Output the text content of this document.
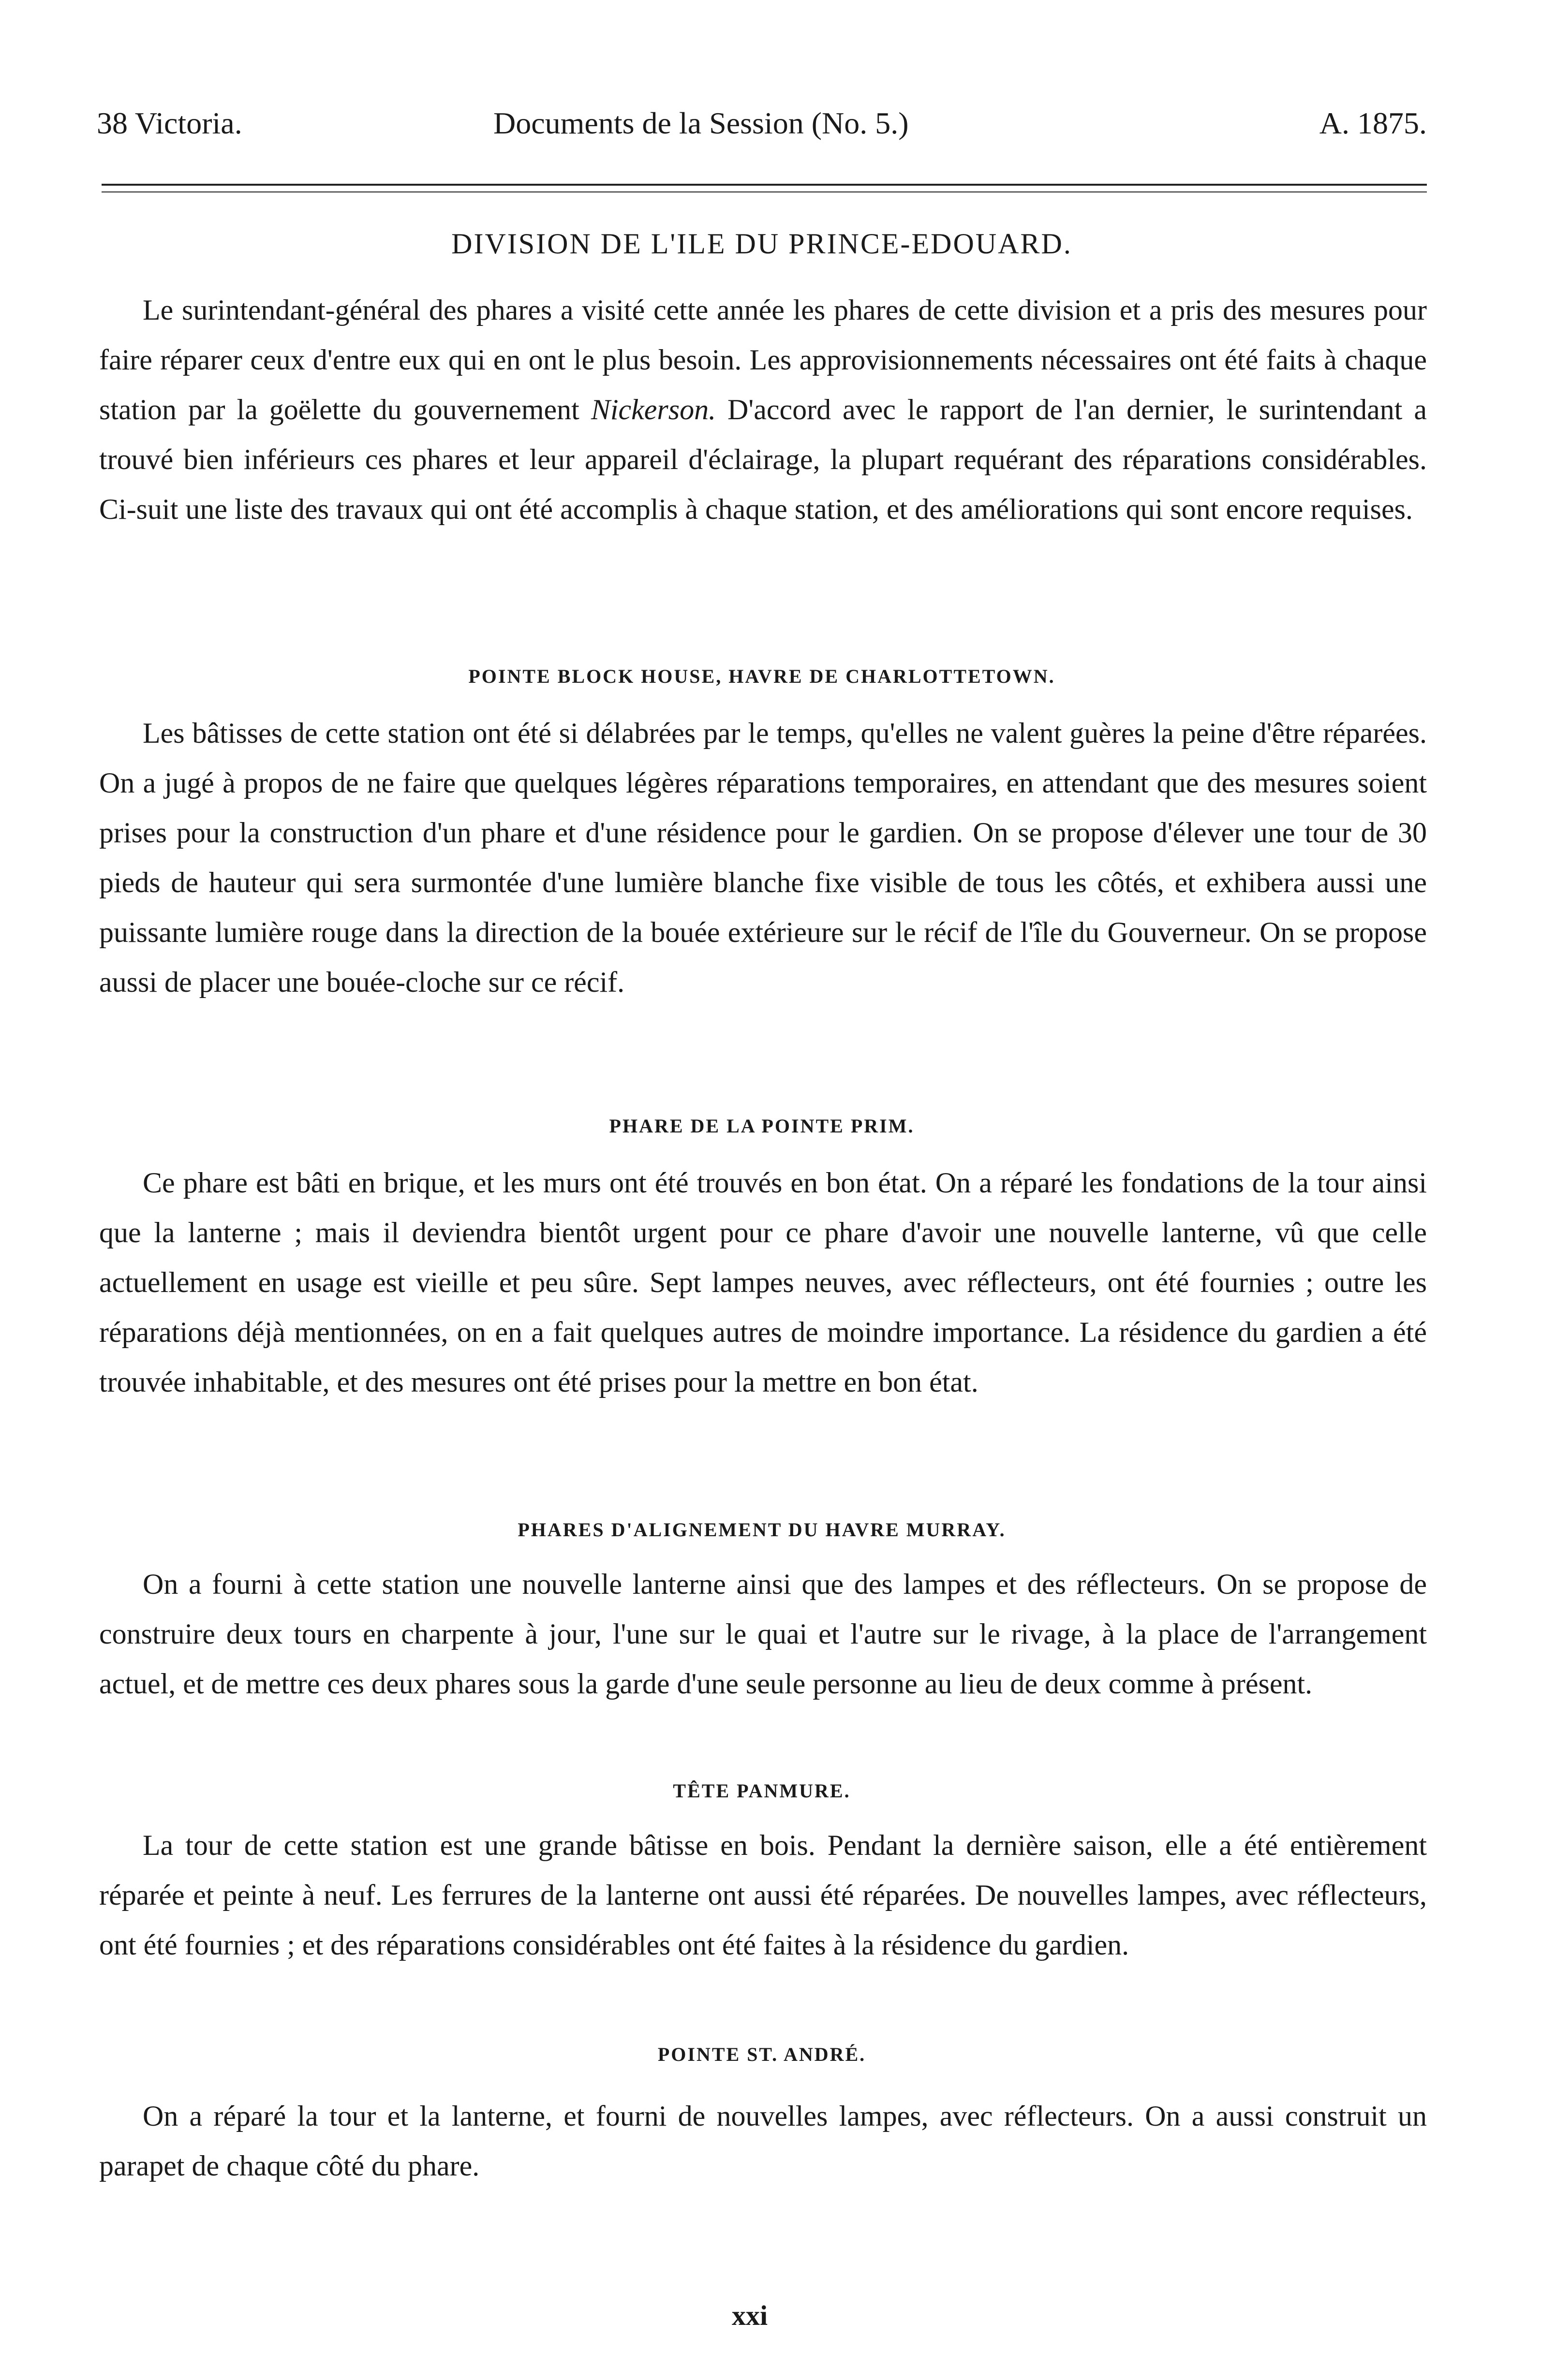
38 Victoria.	Documents de la Session (No. 5.)	A. 1875.
DIVISION DE L'ILE DU PRINCE-EDOUARD.

Le surintendant-général des phares a visité cette année les phares de cette division et a pris des mesures pour faire réparer ceux d'entre eux qui en ont le plus besoin. Les approvisionnements nécessaires ont été faits à chaque station par la goëlette du gouvernement Nickerson. D'accord avec le rapport de l'an dernier, le surintendant a trouvé bien inférieurs ces phares et leur appareil d'éclairage, la plupart requérant des réparations considérables. Ci-suit une liste des travaux qui ont été accomplis à chaque station, et des améliorations qui sont encore requises.

POINTE BLOCK HOUSE, HAVRE DE CHARLOTTETOWN.

Les bâtisses de cette station ont été si délabrées par le temps, qu'elles ne valent guères la peine d'être réparées. On a jugé à propos de ne faire que quelques légères réparations temporaires, en attendant que des mesures soient prises pour la construction d'un phare et d'une résidence pour le gardien. On se propose d'élever une tour de 30 pieds de hauteur qui sera surmontée d'une lumière blanche fixe visible de tous les côtés, et exhibera aussi une puissante lumière rouge dans la direction de la bouée extérieure sur le récif de l'île du Gouverneur. On se propose aussi de placer une bouée-cloche sur ce récif.

PHARE DE LA POINTE PRIM.

Ce phare est bâti en brique, et les murs ont été trouvés en bon état. On a réparé les fondations de la tour ainsi que la lanterne ; mais il deviendra bientôt urgent pour ce phare d'avoir une nouvelle lanterne, vû que celle actuellement en usage est vieille et peu sûre. Sept lampes neuves, avec réflecteurs, ont été fournies ; outre les réparations déjà mentionnées, on en a fait quelques autres de moindre importance. La résidence du gardien a été trouvée inhabitable, et des mesures ont été prises pour la mettre en bon état.

PHARES D'ALIGNEMENT DU HAVRE MURRAY.

On a fourni à cette station une nouvelle lanterne ainsi que des lampes et des réflecteurs. On se propose de construire deux tours en charpente à jour, l'une sur le quai et l'autre sur le rivage, à la place de l'arrangement actuel, et de mettre ces deux phares sous la garde d'une seule personne au lieu de deux comme à présent.

TÊTE PANMURE.

La tour de cette station est une grande bâtisse en bois. Pendant la dernière saison, elle a été entièrement réparée et peinte à neuf. Les ferrures de la lanterne ont aussi été réparées. De nouvelles lampes, avec réflecteurs, ont été fournies ; et des réparations considérables ont été faites à la résidence du gardien.

POINTE ST. ANDRÉ.

On a réparé la tour et la lanterne, et fourni de nouvelles lampes, avec réflecteurs. On a aussi construit un parapet de chaque côté du phare.

xxi
